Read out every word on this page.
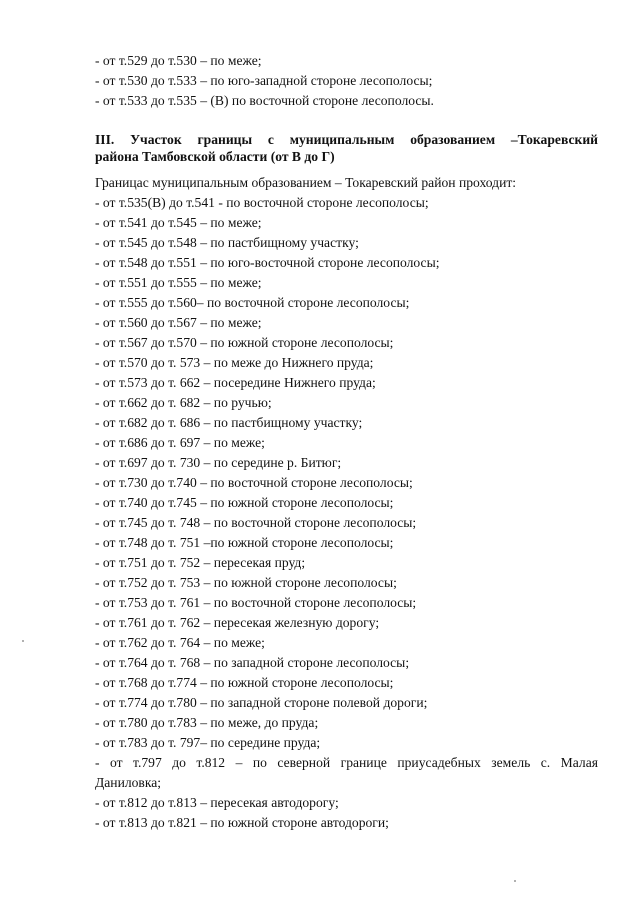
- от т.529 до т.530 – по меже;
- от т.530 до т.533 – по юго-западной стороне лесополосы;
- от т.533 до т.535 – (В) по восточной стороне лесополосы.
III. Участок границы с муниципальным образованием –Токаревский
района Тамбовской области (от В до Г)
Границас муниципальным образованием – Токаревский район проходит:
- от т.535(В) до т.541 - по восточной стороне лесополосы;
- от т.541 до т.545 – по меже;
- от т.545 до т.548 – по пастбищному участку;
- от т.548 до т.551 – по юго-восточной стороне лесополосы;
- от т.551 до т.555 – по меже;
- от т.555 до т.560– по восточной стороне лесополосы;
- от т.560 до т.567 – по меже;
- от т.567 до т.570 – по южной стороне лесополосы;
- от т.570 до т. 573 – по меже до Нижнего пруда;
- от т.573 до т. 662 – посередине Нижнего пруда;
- от т.662 до т. 682 – по ручью;
- от т.682 до т. 686 – по пастбищному участку;
- от т.686 до т. 697 – по меже;
- от т.697 до т. 730 – по середине р. Битюг;
- от т.730 до т.740 – по восточной стороне лесополосы;
- от т.740 до т.745 – по южной стороне лесополосы;
- от т.745 до т. 748 – по восточной стороне лесополосы;
- от т.748 до т. 751 –по южной стороне лесополосы;
- от т.751 до т. 752 – пересекая пруд;
- от т.752 до т. 753 – по южной стороне лесополосы;
- от т.753 до т. 761 – по восточной стороне лесополосы;
- от т.761 до т. 762 – пересекая железную дорогу;
- от т.762 до т. 764 – по меже;
- от т.764 до т. 768 – по западной стороне лесополосы;
- от т.768 до т.774 – по южной стороне лесополосы;
- от т.774 до т.780 – по западной стороне полевой дороги;
- от т.780 до т.783 – по меже, до пруда;
- от т.783 до т. 797– по середине пруда;
- от т.797 до т.812 – по северной границе приусадебных земель с. Малая
Даниловка;
- от т.812 до т.813 – пересекая автодорогу;
- от т.813 до т.821 – по южной стороне автодороги;
